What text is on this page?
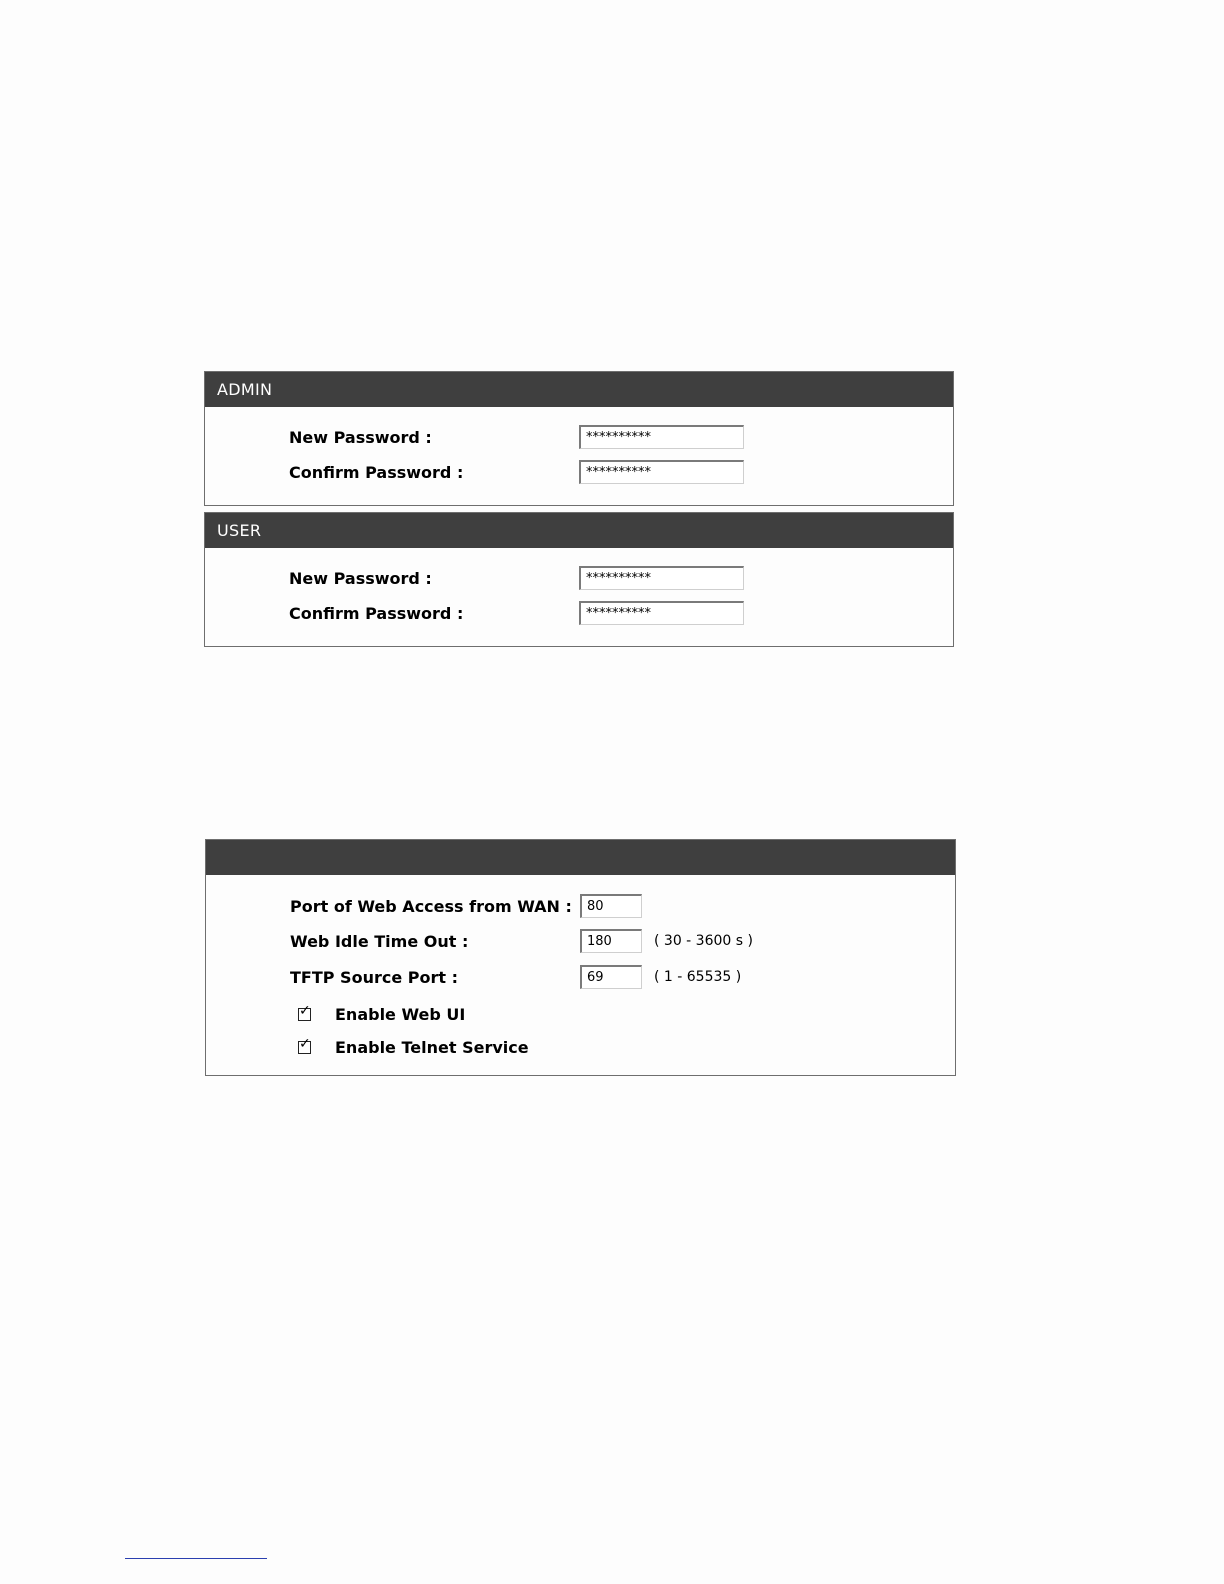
ADMIN
New Password :
**********
Confirm Password :
**********
USER
New Password :
**********
Confirm Password :
**********
Port of Web Access from WAN :
80
Web Idle Time Out :
180	( 30 - 3600 s )
TFTP Source Port :
69	( 1 - 65535 )
✓ Enable Web UI
✓ Enable Telnet Service
